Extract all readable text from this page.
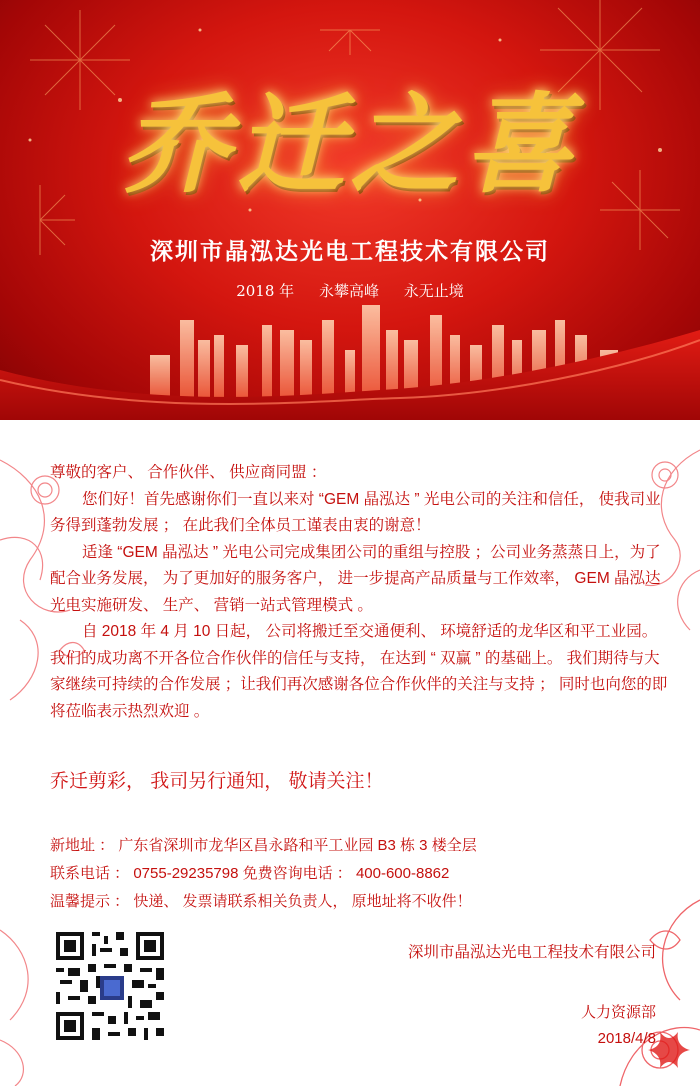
乔迁之喜
深圳市晶泓达光电工程技术有限公司
2018 年 永攀高峰 永无止境

尊敬的客户、 合作伙伴、 供应商同盟 ：

您们好！首先感谢你们一直以来对 “GEM 晶泓达 ” 光电公司的关注和信任， 使我司业务得到蓬勃发展 ； 在此我们全体员工谨表由衷的谢意！

适逢 “GEM 晶泓达 ” 光电公司完成集团公司的重组与控股 ；公司业务蒸蒸日上，为了配合业务发展， 为了更加好的服务客户， 进一步提高产品质量与工作效率， GEM 晶泓达光电实施研发、 生产、 营销一站式管理模式 。

自 2018 年 4 月 10 日起， 公司将搬迁至交通便利、 环境舒适的龙华区和平工业园。我们的成功离不开各位合作伙伴的信任与支持， 在达到 “ 双赢 ” 的基础上。 我们期待与大家继续可持续的合作发展 ；让我们再次感谢各位合作伙伴的关注与支持 ； 同时也向您的即将莅临表示热烈欢迎 。

乔迁剪彩， 我司另行通知， 敬请关注！
新地址 ： 广东省深圳市龙华区昌永路和平工业园 B3 栋 3 楼全层
联系电话 ： 0755-29235798 免费咨询电话 ： 400-600-8862
温馨提示 ： 快递、 发票请联系相关负责人， 原地址将不收件！
深圳市晶泓达光电工程技术有限公司
人力资源部
2018/4/8
